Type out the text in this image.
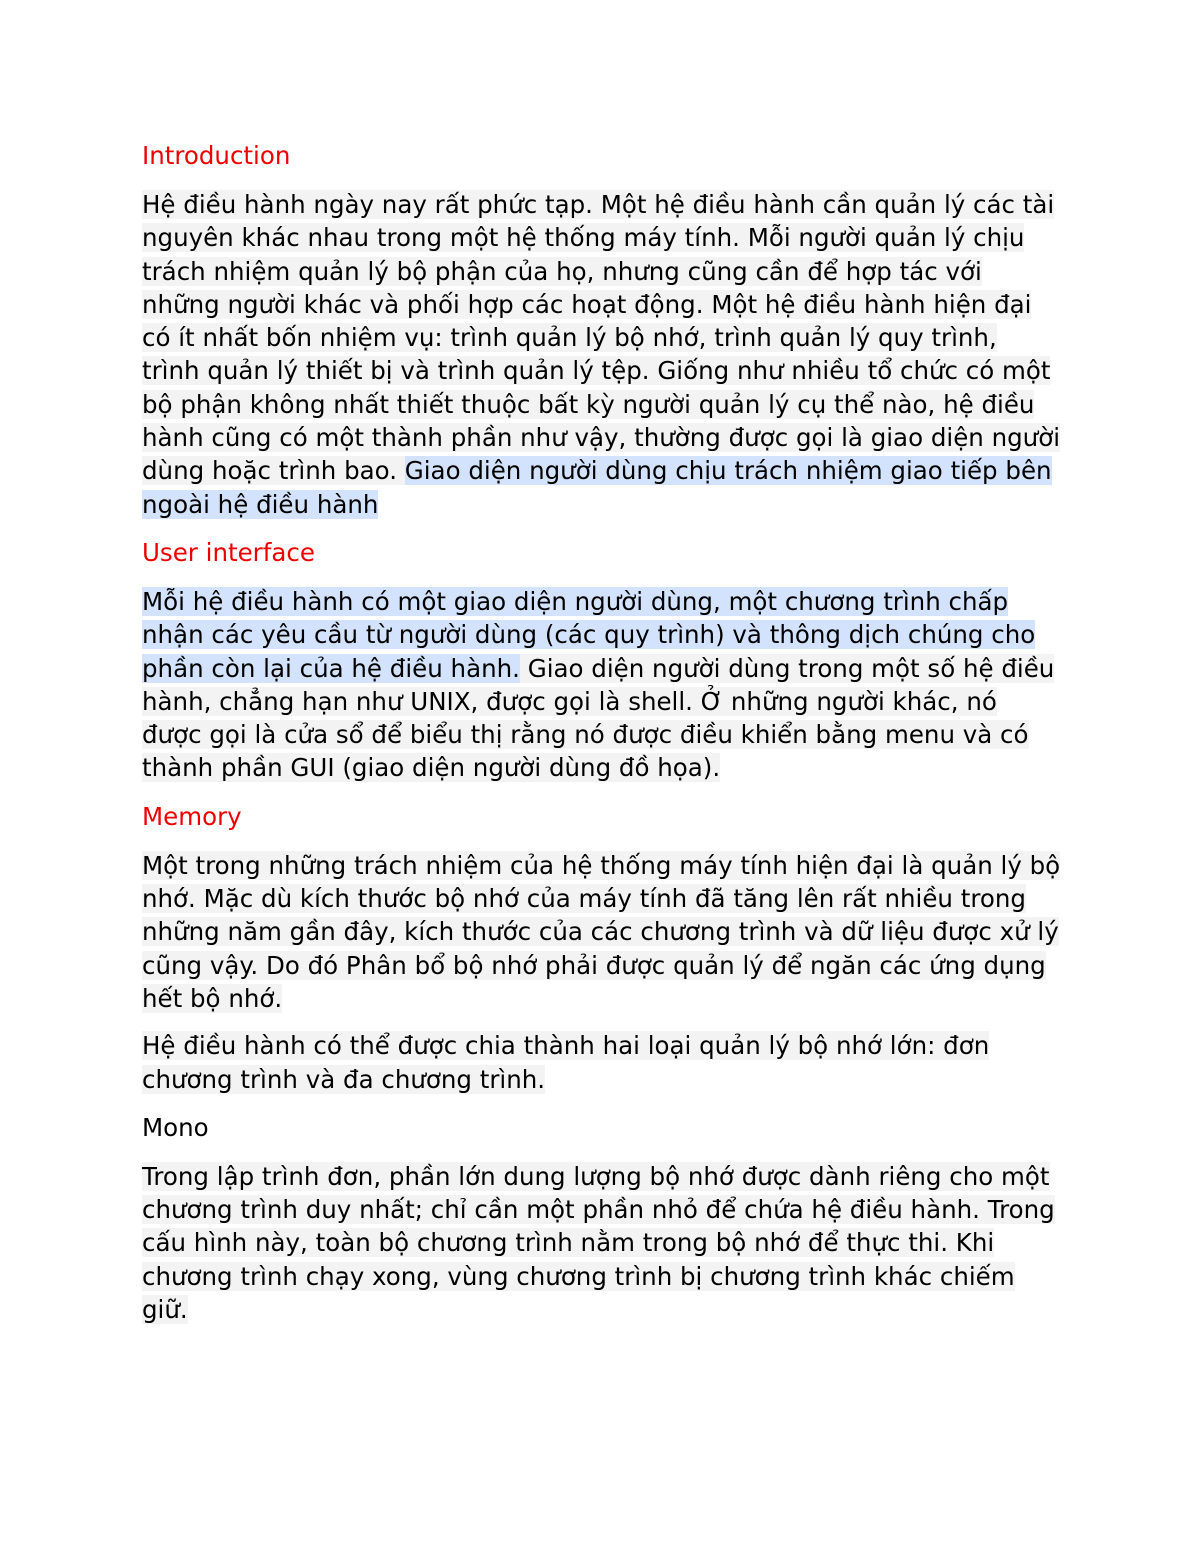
Introduction

Hệ điều hành ngày nay rất phức tạp. Một hệ điều hành cần quản lý các tài nguyên khác nhau trong một hệ thống máy tính. Mỗi người quản lý chịu trách nhiệm quản lý bộ phận của họ, nhưng cũng cần để hợp tác với những người khác và phối hợp các hoạt động. Một hệ điều hành hiện đại có ít nhất bốn nhiệm vụ: trình quản lý bộ nhớ, trình quản lý quy trình, trình quản lý thiết bị và trình quản lý tệp. Giống như nhiều tổ chức có một bộ phận không nhất thiết thuộc bất kỳ người quản lý cụ thể nào, hệ điều hành cũng có một thành phần như vậy, thường được gọi là giao diện người dùng hoặc trình bao. Giao diện người dùng chịu trách nhiệm giao tiếp bên ngoài hệ điều hành

User interface

Mỗi hệ điều hành có một giao diện người dùng, một chương trình chấp nhận các yêu cầu từ người dùng (các quy trình) và thông dịch chúng cho phần còn lại của hệ điều hành. Giao diện người dùng trong một số hệ điều hành, chẳng hạn như UNIX, được gọi là shell. Ở những người khác, nó được gọi là cửa sổ để biểu thị rằng nó được điều khiển bằng menu và có thành phần GUI (giao diện người dùng đồ họa).

Memory

Một trong những trách nhiệm của hệ thống máy tính hiện đại là quản lý bộ nhớ. Mặc dù kích thước bộ nhớ của máy tính đã tăng lên rất nhiều trong những năm gần đây, kích thước của các chương trình và dữ liệu được xử lý cũng vậy. Do đó Phân bổ bộ nhớ phải được quản lý để ngăn các ứng dụng hết bộ nhớ.

Hệ điều hành có thể được chia thành hai loại quản lý bộ nhớ lớn: đơn chương trình và đa chương trình.

Mono

Trong lập trình đơn, phần lớn dung lượng bộ nhớ được dành riêng cho một chương trình duy nhất; chỉ cần một phần nhỏ để chứa hệ điều hành. Trong cấu hình này, toàn bộ chương trình nằm trong bộ nhớ để thực thi. Khi chương trình chạy xong, vùng chương trình bị chương trình khác chiếm giữ.
